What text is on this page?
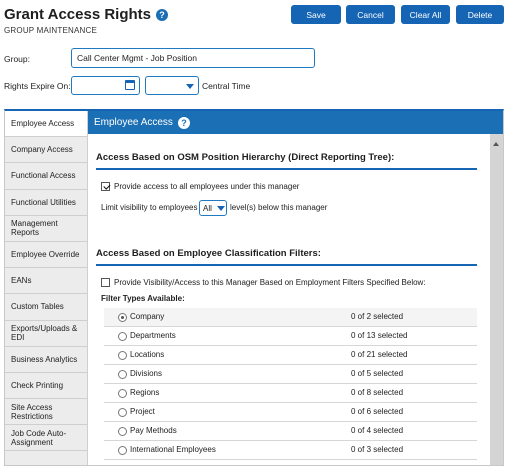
Grant Access Rights ?
GROUP MAINTENANCE
Save	Cancel	Clear All	Delete
Group:	Call Center Mgmt - Job Position
Rights Expire On:	Central Time
Employee Access
Company Access
Functional Access
Functional Utilities
Management Reports
Employee Override
EANs
Custom Tables
Exports/Uploads & EDI
Business Analytics
Check Printing
Site Access Restrictions
Job Code Auto-Assignment
Employee Access ?
Access Based on OSM Position Hierarchy (Direct Reporting Tree):
Provide access to all employees under this manager
Limit visibility to employees All level(s) below this manager
Access Based on Employee Classification Filters:
Provide Visibility/Access to this Manager Based on Employment Filters Specified Below:
Filter Types Available:
Company	0 of 2 selected
Departments	0 of 13 selected
Locations	0 of 21 selected
Divisions	0 of 5 selected
Regions	0 of 8 selected
Project	0 of 6 selected
Pay Methods	0 of 4 selected
International Employees	0 of 3 selected
